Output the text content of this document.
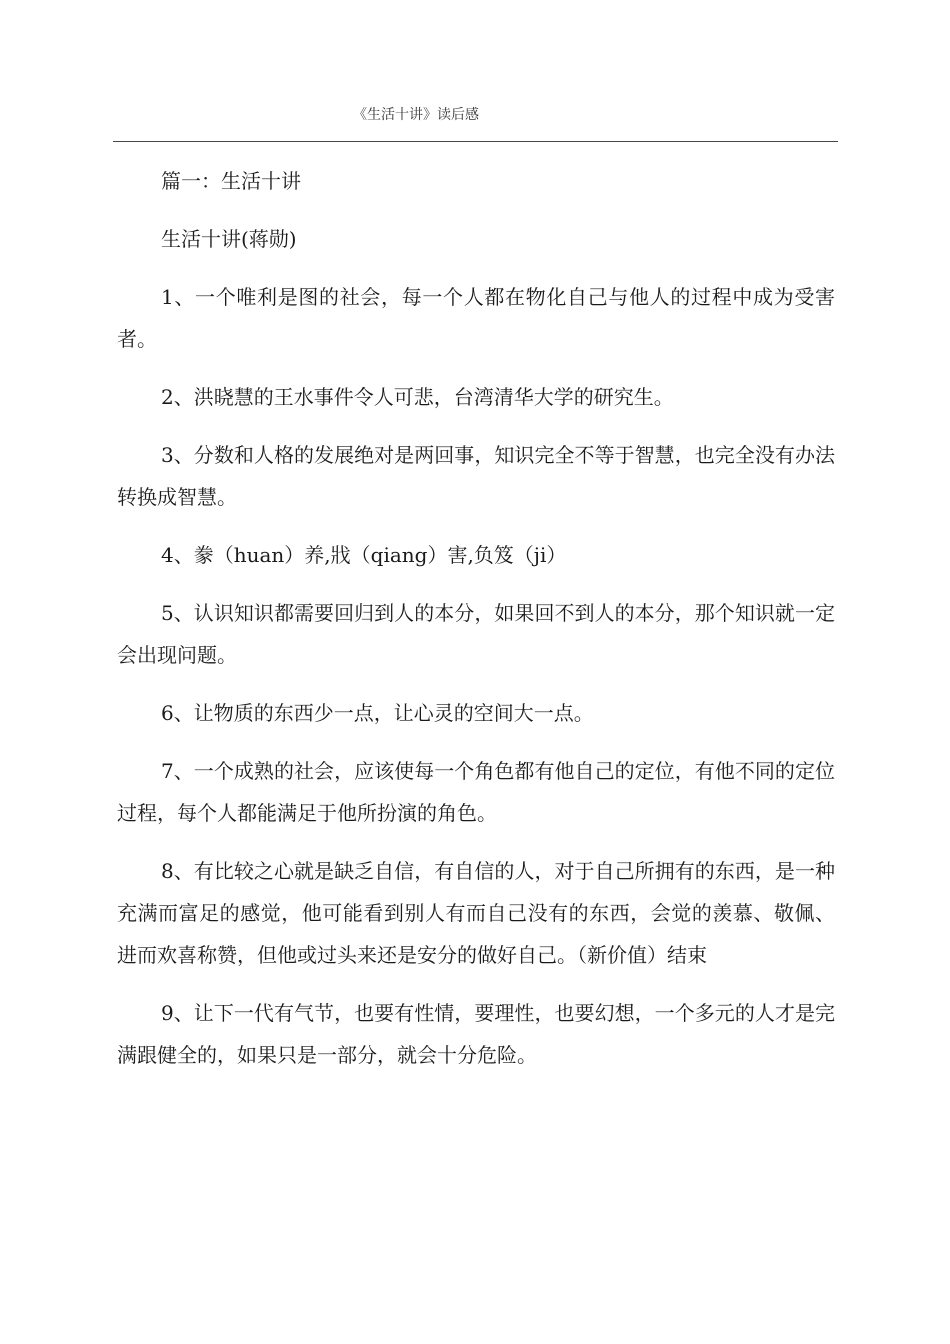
《生活十讲》读后感

篇一：生活十讲

生活十讲(蒋勋)

1、一个唯利是图的社会，每一个人都在物化自己与他人的过程中成为受害者。

2、洪晓慧的王水事件令人可悲，台湾清华大学的研究生。

3、分数和人格的发展绝对是两回事，知识完全不等于智慧，也完全没有办法转换成智慧。

4、豢（huan）养,戕（qiang）害,负笈（ji）

5、认识知识都需要回归到人的本分，如果回不到人的本分，那个知识就一定会出现问题。

6、让物质的东西少一点，让心灵的空间大一点。

7、一个成熟的社会，应该使每一个角色都有他自己的定位，有他不同的定位过程，每个人都能满足于他所扮演的角色。

8、有比较之心就是缺乏自信，有自信的人，对于自己所拥有的东西，是一种充满而富足的感觉，他可能看到别人有而自己没有的东西，会觉的羡慕、敬佩、进而欢喜称赞，但他或过头来还是安分的做好自己。（新价值）结束

9、让下一代有气节，也要有性情，要理性，也要幻想，一个多元的人才是完满跟健全的，如果只是一部分，就会十分危险。
